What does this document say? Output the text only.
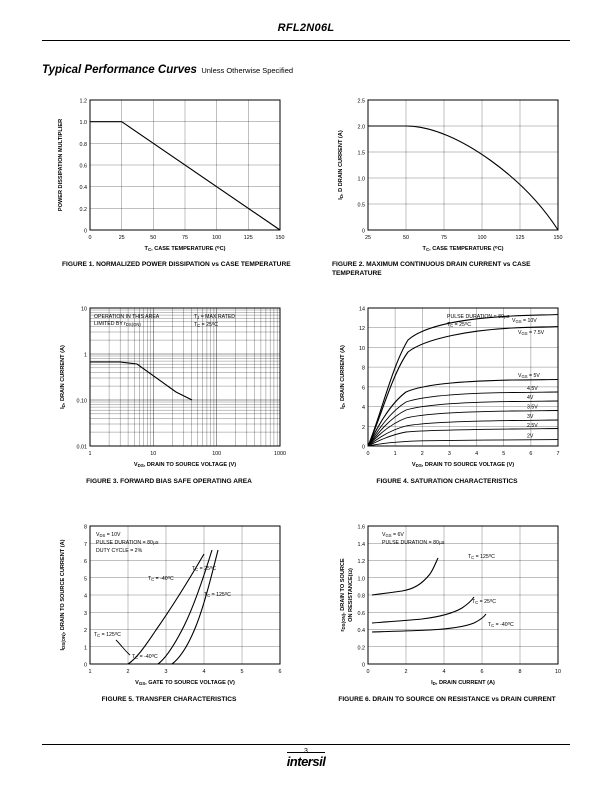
RFL2N06L
Typical Performance Curves Unless Otherwise Specified
0
0.2
0.4
0.6
0.8
1.0
1.2
0	25	50	75	100	125	150
TC, CASE TEMPERATURE ($^o$C)
POWER DISSIPATION MULTIPLIER
FIGURE 1. NORMALIZED POWER DISSIPATION vs CASE TEMPERATURE
0
0.5
1.0
1.5
2.0
2.5
25	50	75	100	125	150
TC, CASE TEMPERATURE ($^o$C)
ID, D DRAIN CURRENT (A)
FIGURE 2. MAXIMUM CONTINUOUS DRAIN CURRENT vs CASE TEMPERATURE
OPERATION IN THIS AREA
LIMITED BY rDS(ON)
TJ = MAX RATED
TC = $25^oC$
0.01
0.10
1
10
1	10	100	1000
VDS, DRAIN TO SOURCE VOLTAGE (V)
ID, DRAIN CURRENT (A)
FIGURE 3. FORWARD BIAS SAFE OPERATING AREA
PULSE DURATION = 80µs
TC = $25^oC$
VGS = 10V
VGS = 7.5V
VGS = 5V
4.5V
4V
3.5V
3V
2.5V
2V
0
2
4
6
8
10
12
14
0	1	2	3	4	5	6	7
VDS, DRAIN TO SOURCE VOLTAGE (V)
ID, DRAIN CURRENT (A)
FIGURE 4. SATURATION CHARACTERISTICS
VDS = 10V
PULSE DURATION = 80µs
DUTY CYCLE = 2%
TC = $25^oC$
TC = $-40^oC$
TC = $125^oC$
TC = $125^oC$
TC = $-40^oC$
0
1
2
3
4
5
6
7
8
1	2	3	4	5	6
VGS, GATE TO SOURCE VOLTAGE (V)
IDS(ON), DRAIN TO SOURCE CURRENT (A)
FIGURE 5. TRANSFER CHARACTERISTICS
VGS = 6V
PULSE DURATION = 80µs
TC = $125^oC$
TC = $25^oC$
TC = $-40^oC$
0
0.2
0.4
0.6
0.8
1.0
1.2
1.4
1.6
0	2	4	6	8	10
ID, DRAIN CURRENT (A)
rDS(ON), DRAIN TO SOURCE ON RESISTANCE(Ω)
FIGURE 6. DRAIN TO SOURCE ON RESISTANCE vs DRAIN CURRENT
3
intersil
